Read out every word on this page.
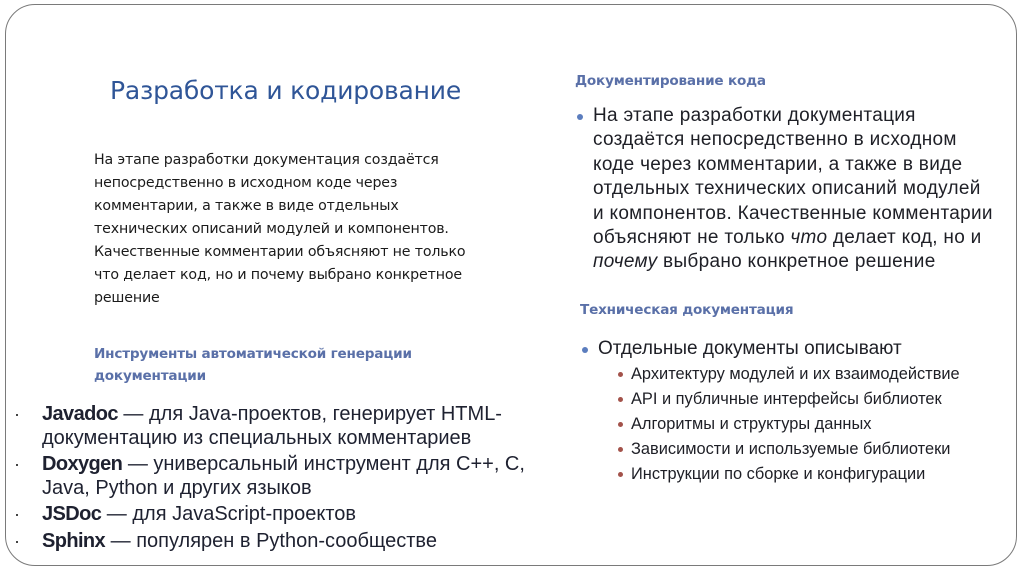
Разработка и кодирование

На этапе разработки документация создаётся непосредственно в исходном коде через комментарии, а также в виде отдельных технических описаний модулей и компонентов. Качественные комментарии объясняют не только что делает код, но и почему выбрано конкретное решение

Инструменты автоматической генерации документации
Javadoc — для Java-проектов, генерирует HTML-документацию из специальных комментариев
Doxygen — универсальный инструмент для C++, C, Java, Python и других языков
JSDoc — для JavaScript-проектов
Sphinx — популярен в Python-сообществе
Документирование кода
На этапе разработки документация создаётся непосредственно в исходном коде через комментарии, а также в виде отдельных технических описаний модулей и компонентов. Качественные комментарии объясняют не только что делает код, но и почему выбрано конкретное решение
Техническая документация
Отдельные документы описывают
Архитектуру модулей и их взаимодействие
API и публичные интерфейсы библиотек
Алгоритмы и структуры данных
Зависимости и используемые библиотеки
Инструкции по сборке и конфигурации
